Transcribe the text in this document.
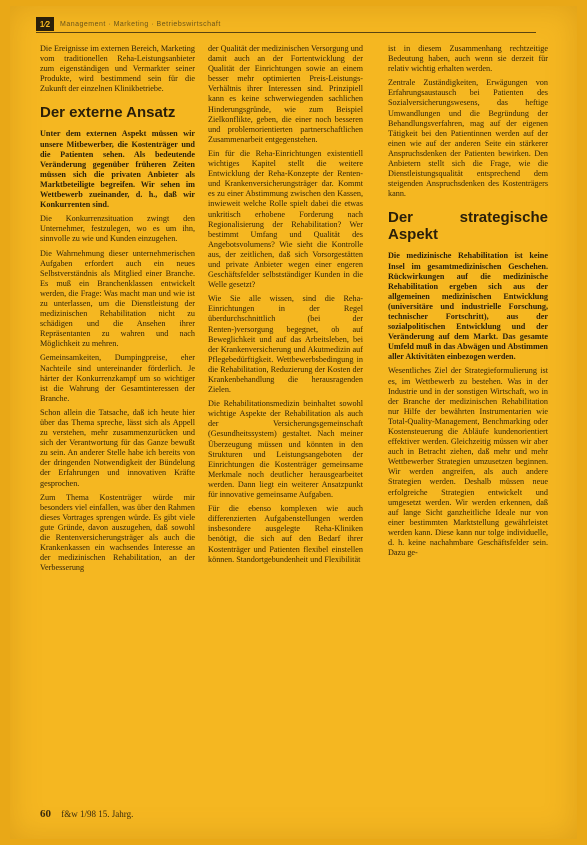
1⁄2 Management · Marketing · Betriebswirtschaft

Die Ereignisse im externen Bereich, Marketing vom traditionellen Reha-Leistungsanbieter zum eigenständigen und Vermarkter seiner Produkte, wird bestimmend sein für die Zukunft der einzelnen Klinikbetriebe.

Der externe Ansatz

Unter dem externen Aspekt müssen wir unsere Mitbewerber, die Kostenträger und die Patienten sehen. Als bedeutende Veränderung gegenüber früheren Zeiten müssen sich die privaten Anbieter als Marktbeteiligte begreifen. Wir sehen im Wettbewerb zueinander, d. h., daß wir Konkurrenten sind.

Die Konkurrenzsituation zwingt den Unternehmer, festzulegen, wo es um ihn, sinnvolle zu wie und Kunden einzugehen.

Die Wahrnehmung dieser unternehmerischen Aufgaben erfordert auch ein neues Selbstverständnis als Mitglied einer Branche. Es muß ein Branchenklassen entwickelt werden, die Frage: Was macht man und wie ist zu unterlassen, um die Dienstleistung der medizinischen Rehabilitation nicht zu schädigen und die Ansehen ihrer Repräsentanten zu wahren und nach Möglichkeit zu mehren.

Gemeinsamkeiten, Dumpingpreise, eher Nachteile sind untereinander förderlich. Je härter der Konkurrenzkampf um so wichtiger ist die Wahrung der Gesamtinteressen der Branche.

Schon allein die Tatsache, daß ich heute hier über das Thema spreche, lässt sich als Appell zu verstehen, mehr zusammenzurücken und sich der Verantwortung für das Ganze bewußt zu sein. An anderer Stelle habe ich bereits von der dringenden Notwendigkeit der Bündelung der Erfahrungen und innovativen Kräfte gesprochen.

Zum Thema Kostenträger würde mir besonders viel einfallen, was über den Rahmen dieses Vortrages sprengen würde. Es gibt viele gute Gründe, davon auszugehen, daß sowohl die Rentenversicherungsträger als auch die Krankenkassen ein wachsendes Interesse an der medizinischen Rehabilitation, an der Verbesserung

der Qualität der medizinischen Versorgung und damit auch an der Fortentwicklung der Qualität der Einrichtungen sowie an einem besser mehr optimierten Preis-Leistungs-Verhältnis ihrer Interessen sind. Prinzipiell kann es keine schwerwiegenden sachlichen Hinderungsgründe, wie zum Beispiel Zielkonflikte, geben, die einer noch besseren und problemorientierten partnerschaftlichen Zusammenarbeit entgegenstehen.

Ein für die Reha-Einrichtungen existentiell wichtiges Kapitel stellt die weitere Entwicklung der Reha-Konzepte der Renten- und Krankenversicherungsträger dar. Kommt es zu einer Abstimmung zwischen den Kassen, inwieweit welche Rolle spielt dabei die etwas unkritisch erhobene Forderung nach Regionalisierung der Rehabilitation? Wer bestimmt Umfang und Qualität des Angebotsvolumens? Wie sieht die Kontrolle aus, der zeitlichen, daß sich Vorsorgestätten und private Anbieter wegen einer engeren Geschäftsfelder selbstständiger Kunden in die Welle gesetzt?

Wie Sie alle wissen, sind die Reha-Einrichtungen in der Regel überdurchschnittlich (bei der Renten-)versorgung begegnet, ob auf Beweglichkeit und auf das Arbeitsleben, bei der Krankenversicherung und Akutmedizin auf Pflegebedürftigkeit. Wettbewerbsbedingung in die Rehabilitation, Reduzierung der Kosten der Krankenbehandlung die herausragenden Zielen.

Die Rehabilitationsmedizin beinhaltet sowohl wichtige Aspekte der Rehabilitation als auch der Versicherungsgemeinschaft (Gesundheitssystem) gestaltet. Nach meiner Überzeugung müssen und könnten in den Strukturen und Leistungsangeboten der Einrichtungen die Kostenträger gemeinsame Merkmale noch deutlicher herausgearbeitet werden. Dann liegt ein weiterer Ansatzpunkt für innovative gemeinsame Aufgaben.

Für die ebenso komplexen wie auch differenzierten Aufgabenstellungen werden insbesondere ausgelegte Reha-Kliniken benötigt, die sich auf den Bedarf ihrer Kostenträger und Patienten flexibel einstellen können. Standortgebundenheit und Flexibilität

ist in diesem Zusammenhang rechtzeitige Bedeutung haben, auch wenn sie derzeit für relativ wichtig erhalten werden.

Zentrale Zuständigkeiten, Erwägungen von Erfahrungsaustausch bei Patienten des Sozialversicherungswesens, das heftige Umwandlungen und die Begründung der Behandlungsverfahren, mag auf der eigenen Tätigkeit bei den Patientinnen werden auf der einen wie auf der anderen Seite ein stärkerer Anspruchsdenken der Patienten bewirken. Den Anbietern stellt sich die Frage, wie die Dienstleistungsqualität entsprechend dem steigenden Anspruchsdenken des Kostenträgers kann.

Der strategische Aspekt

Die medizinische Rehabilitation ist keine Insel im gesamtmedizinischen Geschehen. Rückwirkungen auf die medizinische Rehabilitation ergeben sich aus der allgemeinen medizinischen Entwicklung (universitäre und industrielle Forschung, technischer Fortschritt), aus der sozialpolitischen Entwicklung und der Veränderung auf dem Markt. Das gesamte Umfeld muß in das Abwägen und Abstimmen aller Aktivitäten einbezogen werden.

Wesentliches Ziel der Strategieformulierung ist es, im Wettbewerb zu bestehen. Was in der Industrie und in der sonstigen Wirtschaft, wo in der Branche der medizinischen Rehabilitation nur Hilfe der bewährten Instrumentarien wie Total-Quality-Management, Benchmarking oder Kostensteuerung die Abläufe kundenorientiert effektiver werden. Gleichzeitig müssen wir aber auch in Betracht ziehen, daß mehr und mehr Wettbewerber Strategien umzusetzen beginnen. Wir werden angreifen, als auch andere Strategien werden. Deshalb müssen neue erfolgreiche Strategien entwickelt und umgesetzt werden. Wir werden erkennen, daß auf lange Sicht ganzheitliche Ideale nur von einer bestimmten Marktstellung gewährleistet werden kann. Diese kann nur tolge individuelle, d. h. keine nachahmbare Geschäftsfelder sein. Dazu ge-

60 f&w 1/98 15. Jahrg.
